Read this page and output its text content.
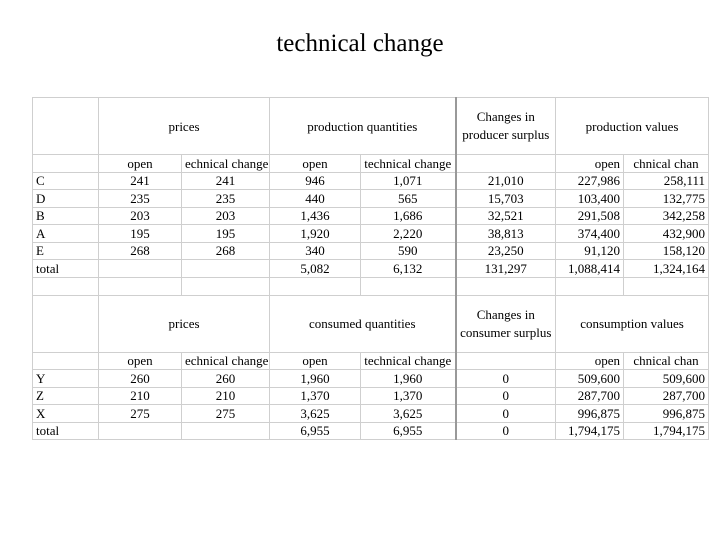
technical change
	prices		production quantities		Changes in producer surplus	production values	
	open	echnical change	open	technical change		open	chnical chan
C	241	241	946	1,071	21,010	227,986	258,111
D	235	235	440	565	15,703	103,400	132,775
B	203	203	1,436	1,686	32,521	291,508	342,258
A	195	195	1,920	2,220	38,813	374,400	432,900
E	268	268	340	590	23,250	91,120	158,120
total			5,082	6,132	131,297	1,088,414	1,324,164

	prices		consumed quantities		Changes in consumer surplus	consumption values	
	open	echnical change	open	technical change		open	chnical chan
Y	260	260	1,960	1,960	0	509,600	509,600
Z	210	210	1,370	1,370	0	287,700	287,700
X	275	275	3,625	3,625	0	996,875	996,875
total			6,955	6,955	0	1,794,175	1,794,175
